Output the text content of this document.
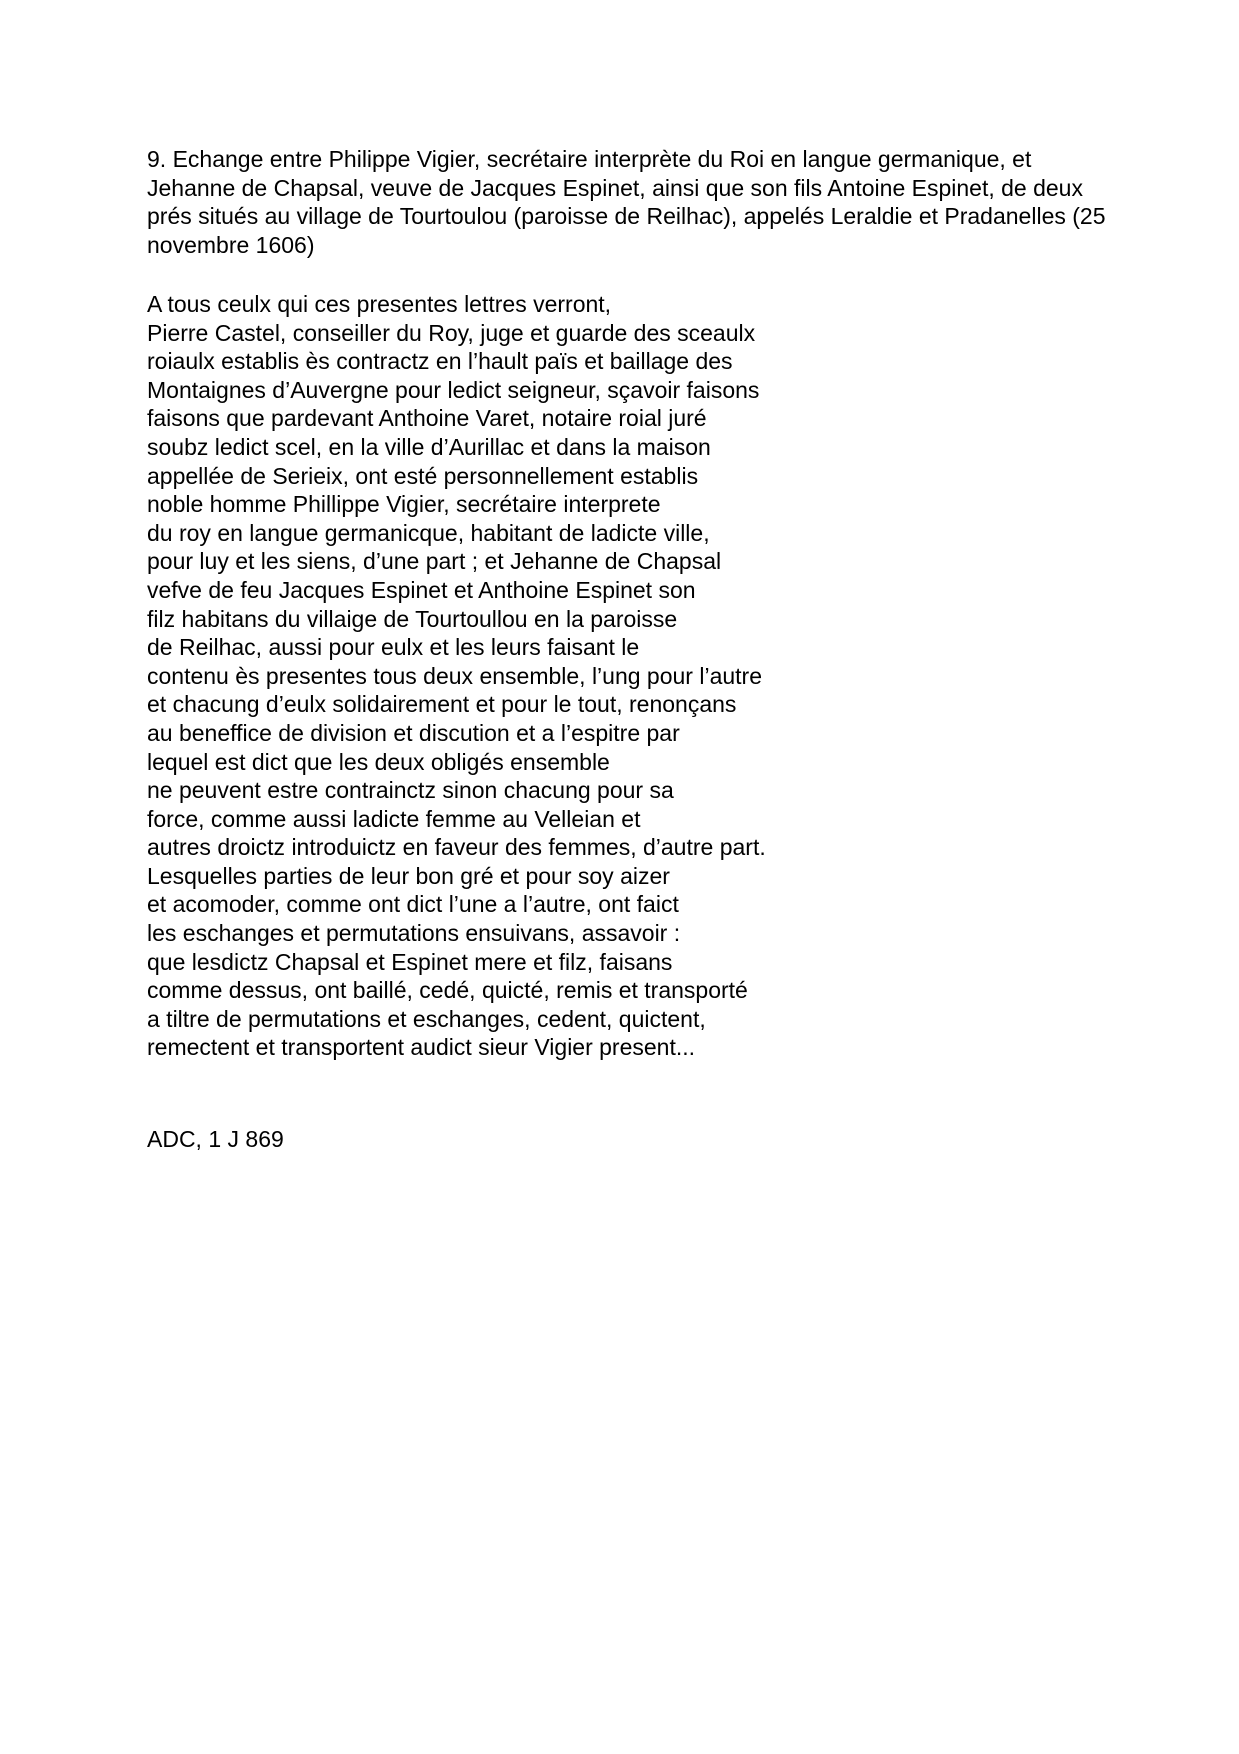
9. Echange entre Philippe Vigier, secrétaire interprète du Roi en langue germanique, et
Jehanne de Chapsal, veuve de Jacques Espinet, ainsi que son fils Antoine Espinet, de deux
prés situés au village de Tourtoulou (paroisse de Reilhac), appelés Leraldie et Pradanelles (25
novembre 1606)
A tous ceulx qui ces presentes lettres verront,
Pierre Castel, conseiller du Roy, juge et guarde des sceaulx
roiaulx establis ès contractz en l’hault païs et baillage des
Montaignes d’Auvergne pour ledict seigneur, sçavoir faisons
faisons que pardevant Anthoine Varet, notaire roial juré
soubz ledict scel, en la ville d’Aurillac et dans la maison
appellée de Serieix, ont esté personnellement establis
noble homme Phillippe Vigier, secrétaire interprete
du roy en langue germanicque, habitant de ladicte ville,
pour luy et les siens, d’une part ; et Jehanne de Chapsal
vefve de feu Jacques Espinet et Anthoine Espinet son
filz habitans du villaige de Tourtoullou en la paroisse
de Reilhac, aussi pour eulx et les leurs faisant le
contenu ès presentes tous deux ensemble, l’ung pour l’autre
et chacung d’eulx solidairement et pour le tout, renonçans
au beneffice de division et discution et a l’espitre par
lequel est dict que les deux obligés ensemble
ne peuvent estre contrainctz sinon chacung pour sa
force, comme aussi ladicte femme au Velleian et
autres droictz introduictz en faveur des femmes, d’autre part.
Lesquelles parties de leur bon gré et pour soy aizer
et acomoder, comme ont dict l’une a l’autre, ont faict
les eschanges et permutations ensuivans, assavoir :
que lesdictz Chapsal et Espinet mere et filz, faisans
comme dessus, ont baillé, cedé, quicté, remis et transporté
a tiltre de permutations et eschanges, cedent, quictent,
remectent et transportent audict sieur Vigier present...
ADC, 1 J 869
